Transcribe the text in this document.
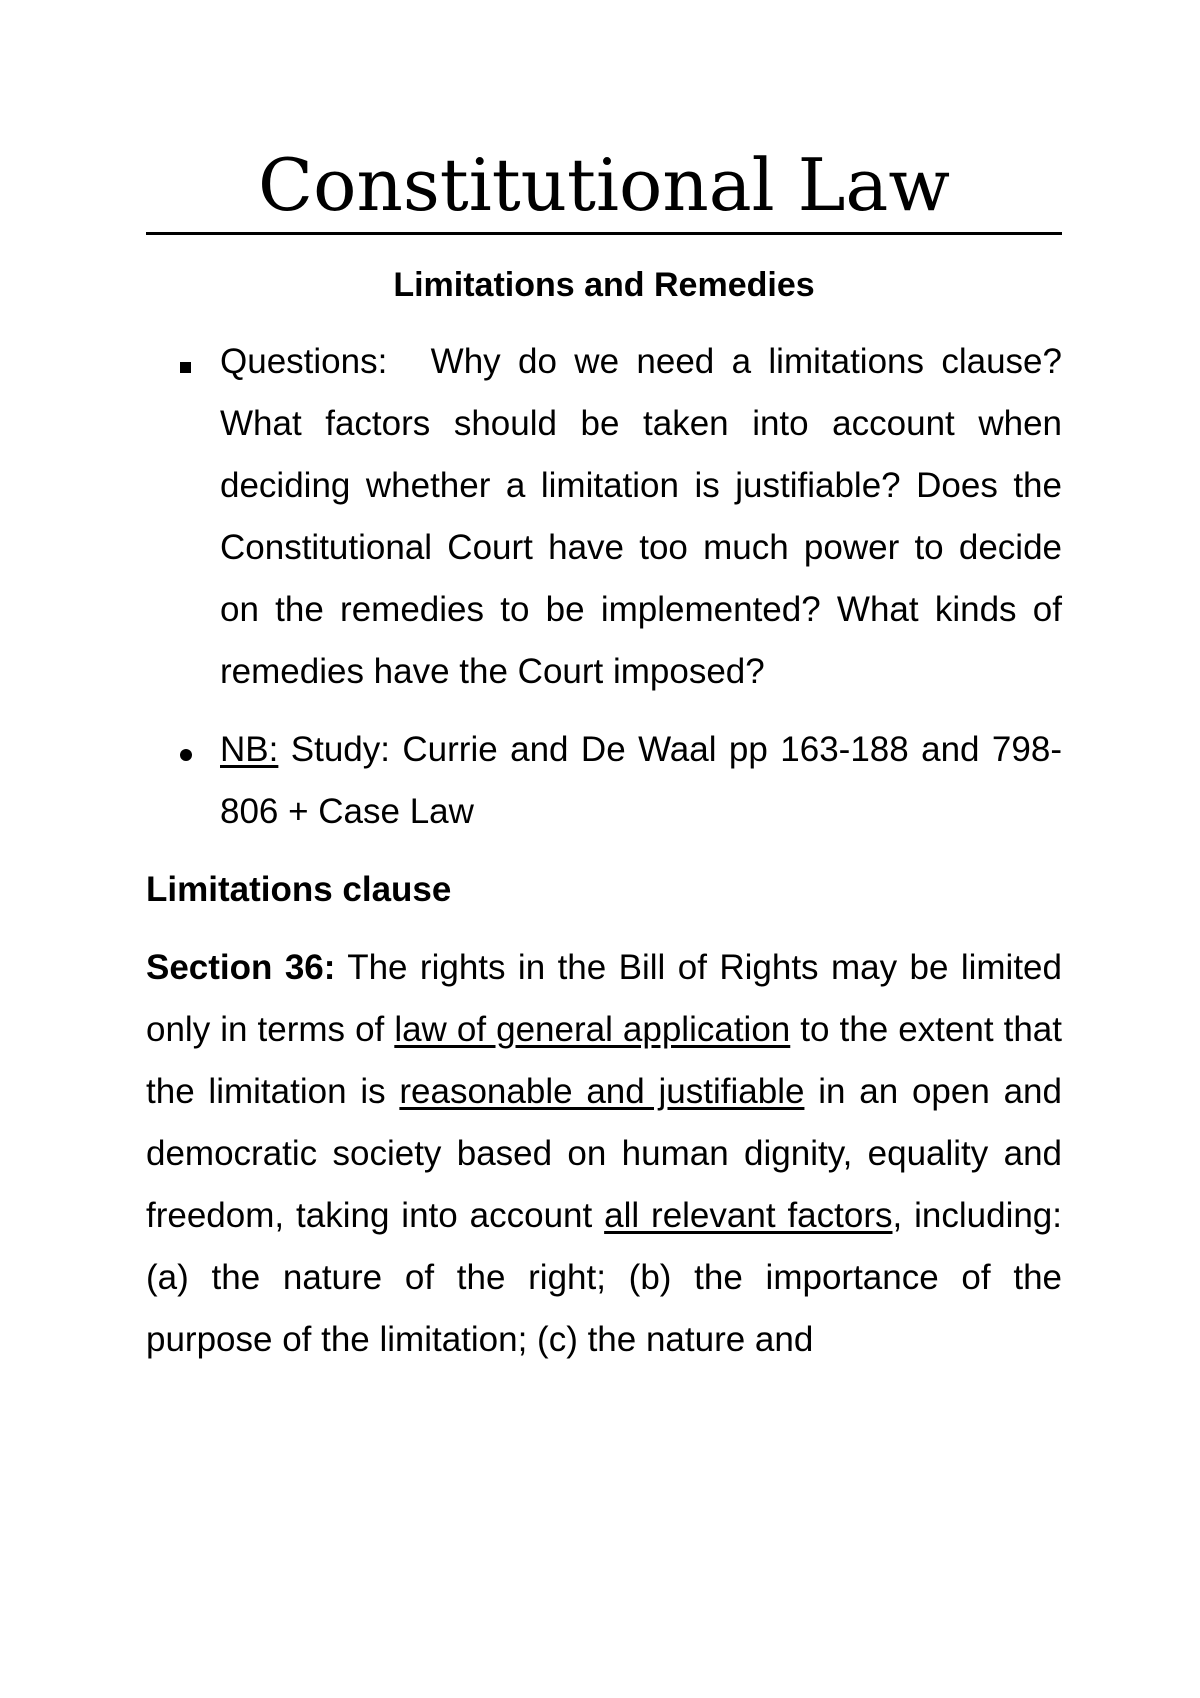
Constitutional Law
Limitations and Remedies
Questions: Why do we need a limitations clause? What factors should be taken into account when deciding whether a limitation is justifiable? Does the Constitutional Court have too much power to decide on the remedies to be implemented? What kinds of remedies have the Court imposed?
NB: Study: Currie and De Waal pp 163-188 and 798-806 + Case Law
Limitations clause

Section 36: The rights in the Bill of Rights may be limited only in terms of law of general application to the extent that the limitation is reasonable and justifiable in an open and democratic society based on human dignity, equality and freedom, taking into account all relevant factors, including: (a) the nature of the right; (b) the importance of the purpose of the limitation; (c) the nature and
